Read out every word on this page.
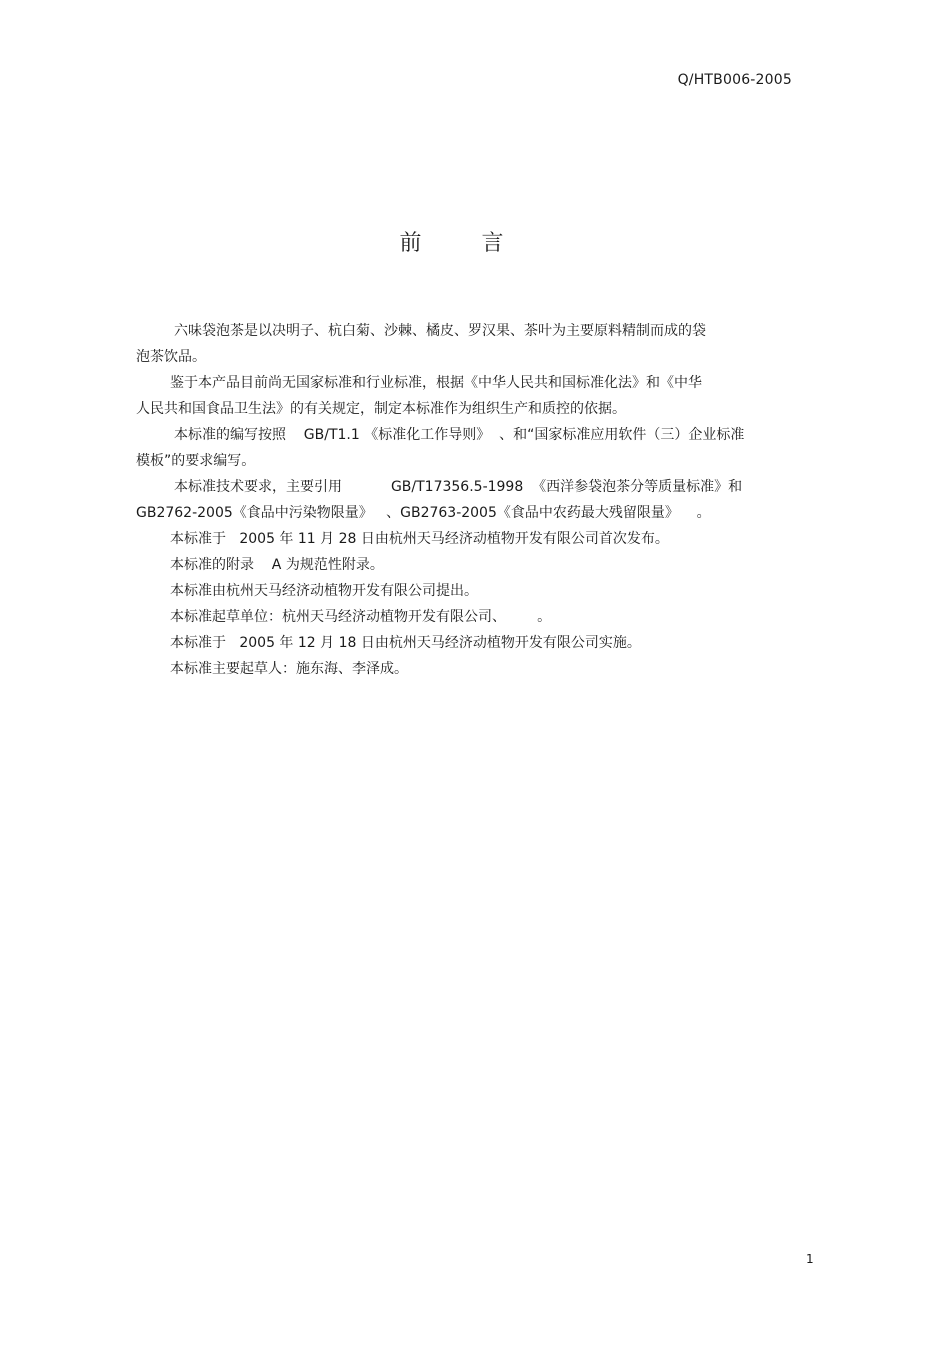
Q/HTB006-2005
前言
六味袋泡茶是以决明子、杭白菊、沙棘、橘皮、罗汉果、茶叶为主要原料精制而成的袋
泡茶饮品。
鉴于本产品目前尚无国家标准和行业标准，根据《中华人民共和国标准化法》和《中华
人民共和国食品卫生法》的有关规定，制定本标准作为组织生产和质控的依据。
本标准的编写按照    GB/T1.1 《标准化工作导则》  、和“国家标准应用软件（三）企业标准
模板”的要求编写。
本标准技术要求，主要引用           GB/T17356.5-1998  《西洋参袋泡茶分等质量标准》和
GB2762-2005《食品中污染物限量》   、GB2763-2005《食品中农药最大残留限量》    。
本标准于   2005 年 11 月 28 日由杭州天马经济动植物开发有限公司首次发布。
本标准的附录    A 为规范性附录。
本标准由杭州天马经济动植物开发有限公司提出。
本标准起草单位：杭州天马经济动植物开发有限公司、       。
本标准于   2005 年 12 月 18 日由杭州天马经济动植物开发有限公司实施。
本标准主要起草人：施东海、李泽成。
1
